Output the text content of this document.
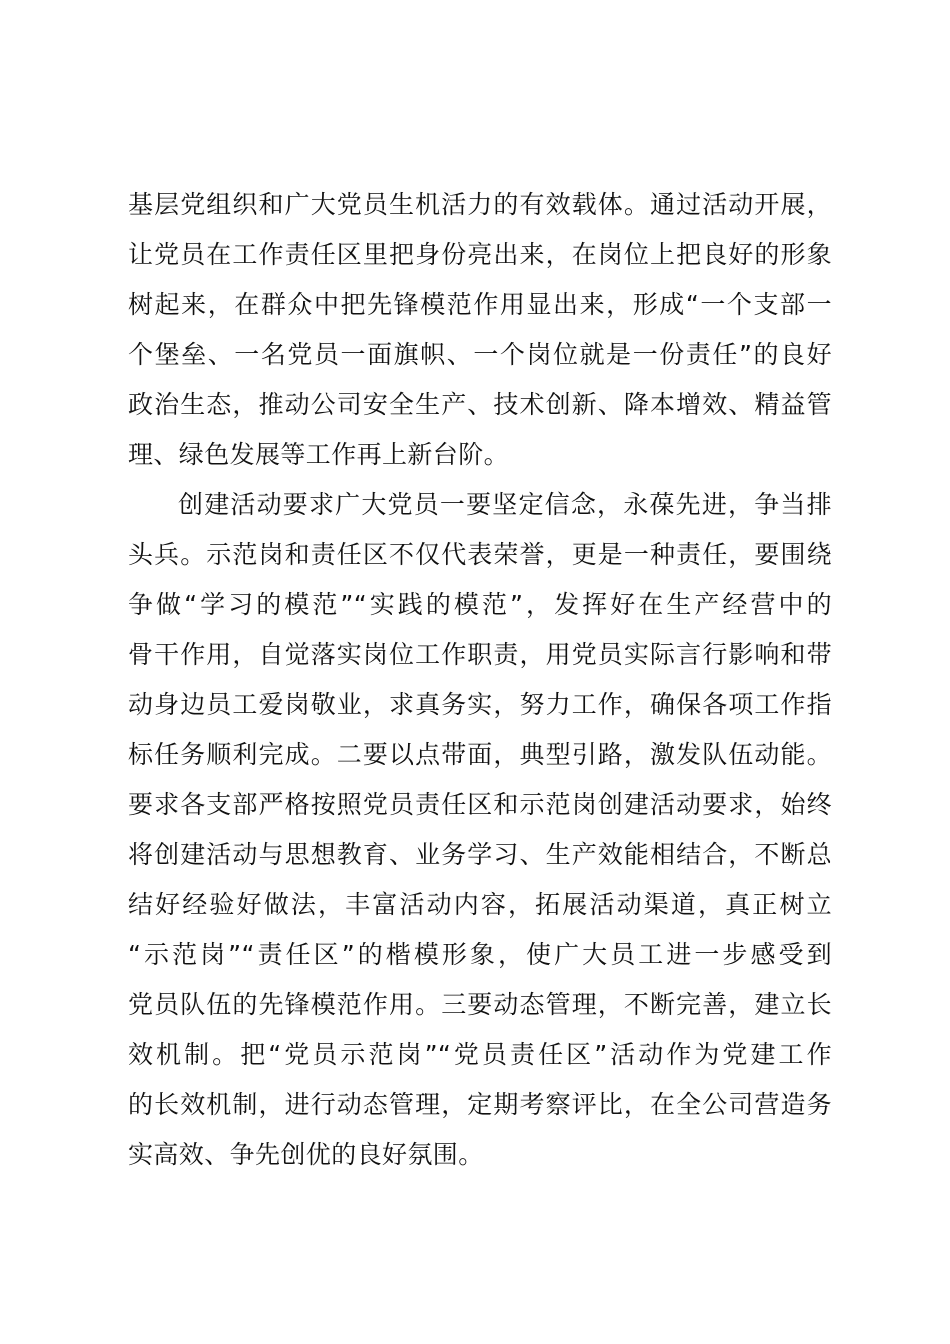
基层党组织和广大党员生机活力的有效载体。通过活动开展，
让党员在工作责任区里把身份亮出来，在岗位上把良好的形象
树起来，在群众中把先锋模范作用显出来，形成“一个支部一
个堡垒、一名党员一面旗帜、一个岗位就是一份责任”的良好
政治生态，推动公司安全生产、技术创新、降本增效、精益管
理、绿色发展等工作再上新台阶。
创建活动要求广大党员一要坚定信念，永葆先进，争当排
头兵。示范岗和责任区不仅代表荣誉，更是一种责任，要围绕
争做“学习的模范”“实践的模范”，发挥好在生产经营中的
骨干作用，自觉落实岗位工作职责，用党员实际言行影响和带
动身边员工爱岗敬业，求真务实，努力工作，确保各项工作指
标任务顺利完成。二要以点带面，典型引路，激发队伍动能。
要求各支部严格按照党员责任区和示范岗创建活动要求，始终
将创建活动与思想教育、业务学习、生产效能相结合，不断总
结好经验好做法，丰富活动内容，拓展活动渠道，真正树立
“示范岗”“责任区”的楷模形象，使广大员工进一步感受到
党员队伍的先锋模范作用。三要动态管理，不断完善，建立长
效机制。把“党员示范岗”“党员责任区”活动作为党建工作
的长效机制，进行动态管理，定期考察评比，在全公司营造务
实高效、争先创优的良好氛围。
